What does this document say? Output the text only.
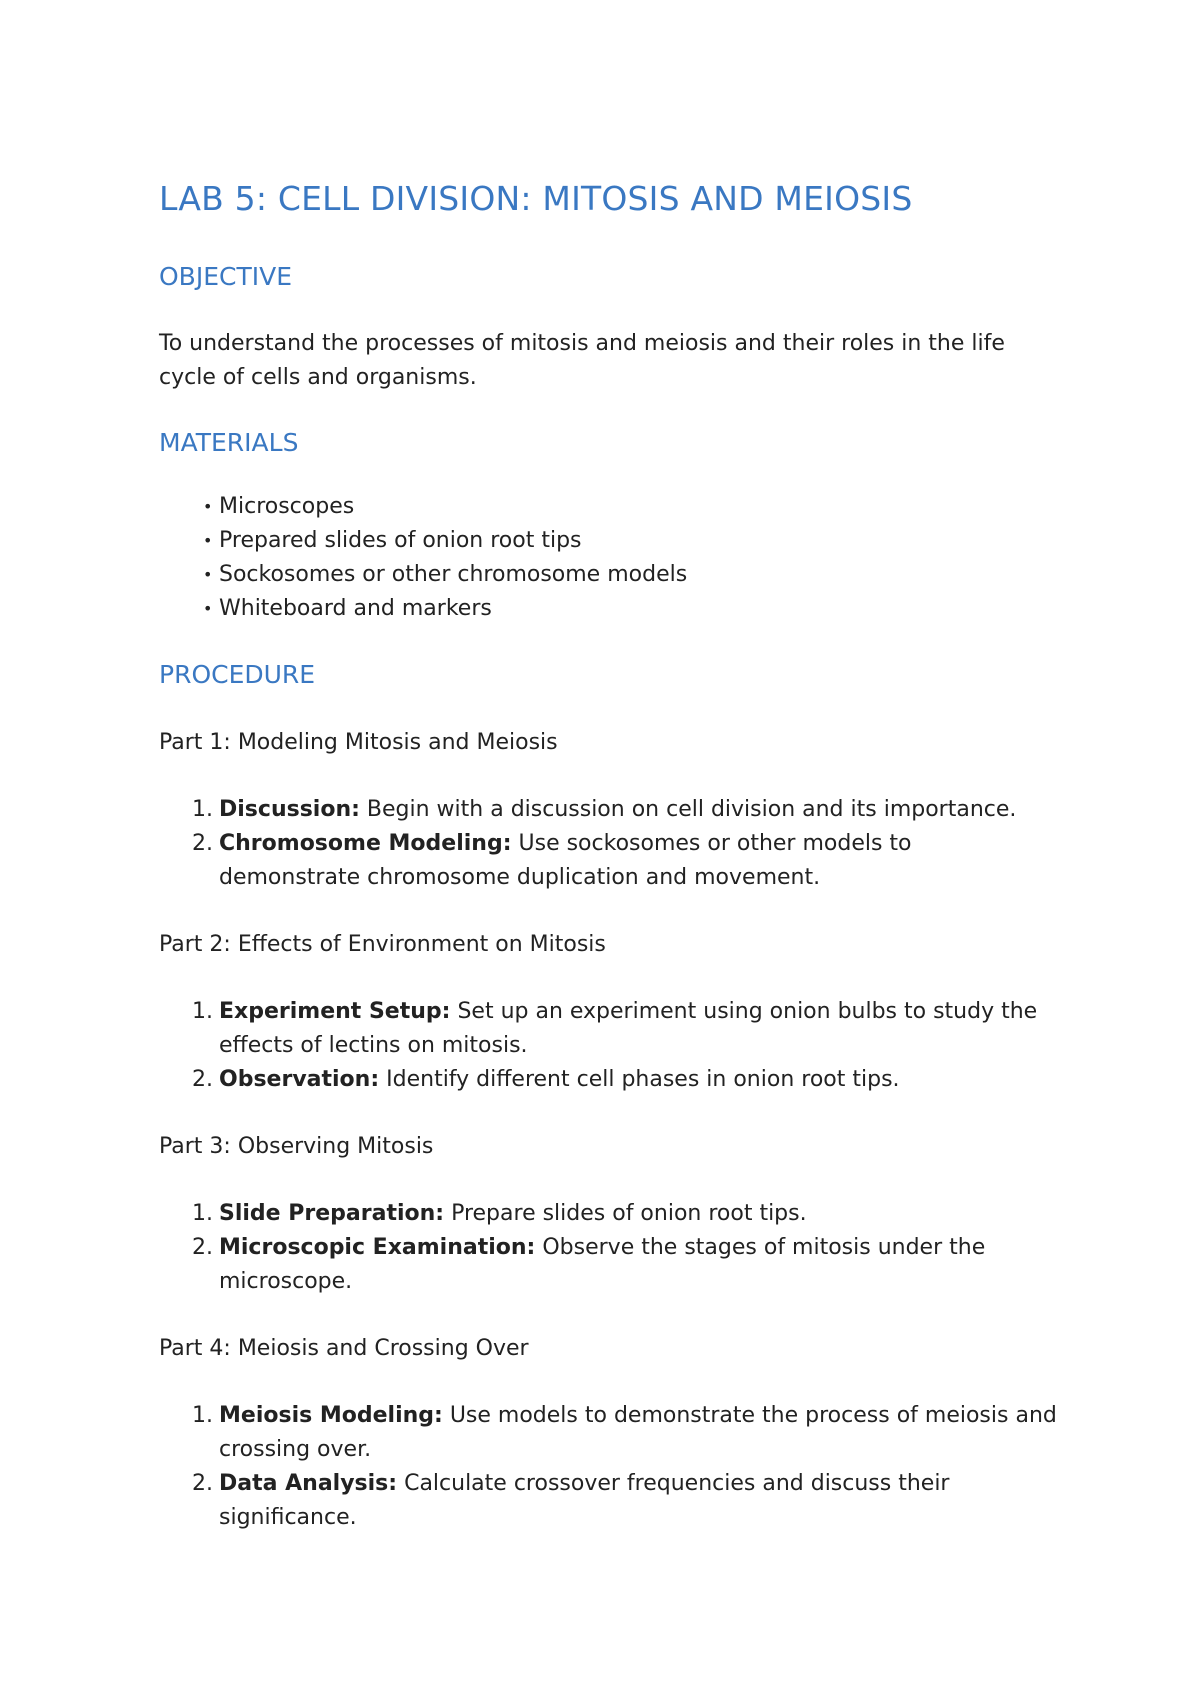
LAB 5: CELL DIVISION: MITOSIS AND MEIOSIS
OBJECTIVE

To understand the processes of mitosis and meiosis and their roles in the life cycle of cells and organisms.

MATERIALS
• Microscopes
• Prepared slides of onion root tips
• Sockosomes or other chromosome models
• Whiteboard and markers
PROCEDURE

Part 1: Modeling Mitosis and Meiosis

1. Discussion: Begin with a discussion on cell division and its importance.
2. Chromosome Modeling: Use sockosomes or other models to demonstrate chromosome duplication and movement.

Part 2: Effects of Environment on Mitosis

1. Experiment Setup: Set up an experiment using onion bulbs to study the effects of lectins on mitosis.
2. Observation: Identify different cell phases in onion root tips.

Part 3: Observing Mitosis

1. Slide Preparation: Prepare slides of onion root tips.
2. Microscopic Examination: Observe the stages of mitosis under the microscope.

Part 4: Meiosis and Crossing Over

1. Meiosis Modeling: Use models to demonstrate the process of meiosis and crossing over.
2. Data Analysis: Calculate crossover frequencies and discuss their significance.
